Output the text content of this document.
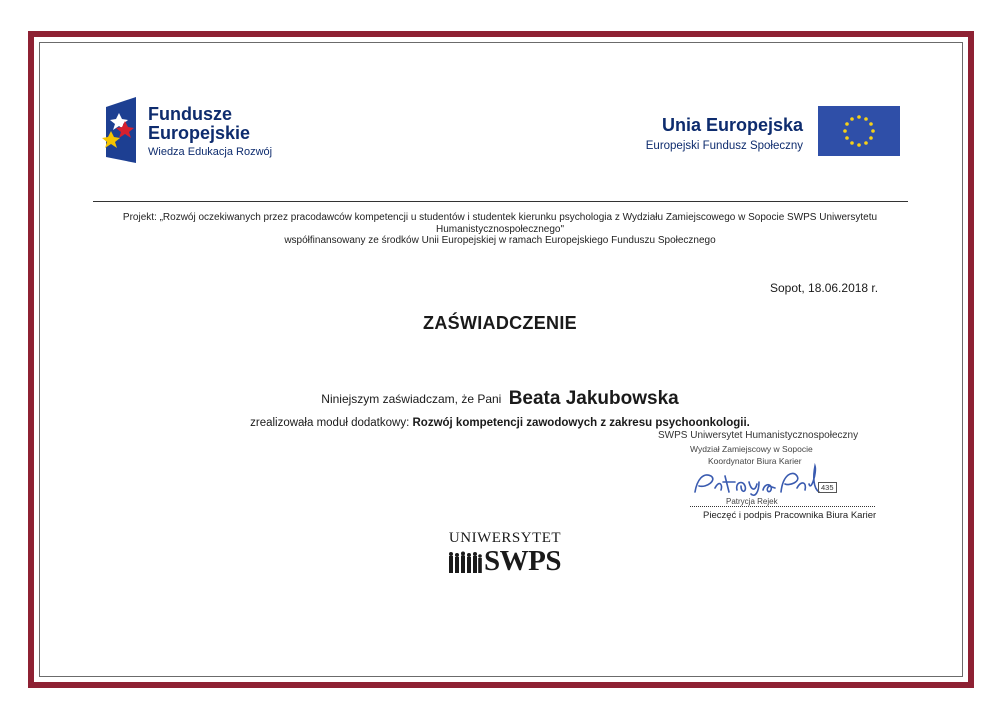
Fundusze
Europejskie
Wiedza Edukacja Rozwój
Unia Europejska
Europejski Fundusz Społeczny
Projekt: „Rozwój oczekiwanych przez pracodawców kompetencji u studentów i studentek kierunku psychologia z Wydziału Zamiejscowego w Sopocie SWPS Uniwersytetu
Humanistycznospołecznego"
współfinansowany ze środków Unii Europejskiej w ramach Europejskiego Funduszu Społecznego
Sopot, 18.06.2018 r.
ZAŚWIADCZENIE
Niniejszym zaświadczam, że Pani Beata Jakubowska
zrealizowała moduł dodatkowy: Rozwój kompetencji zawodowych z zakresu psychoonkologii.
SWPS Uniwersytet Humanistycznospołeczny
Wydział Zamiejscowy w Sopocie
Koordynator Biura Karier
435
Patrycja Rejek
Pieczęć i podpis Pracownika Biura Karier
UNIWERSYTET
SWPS
